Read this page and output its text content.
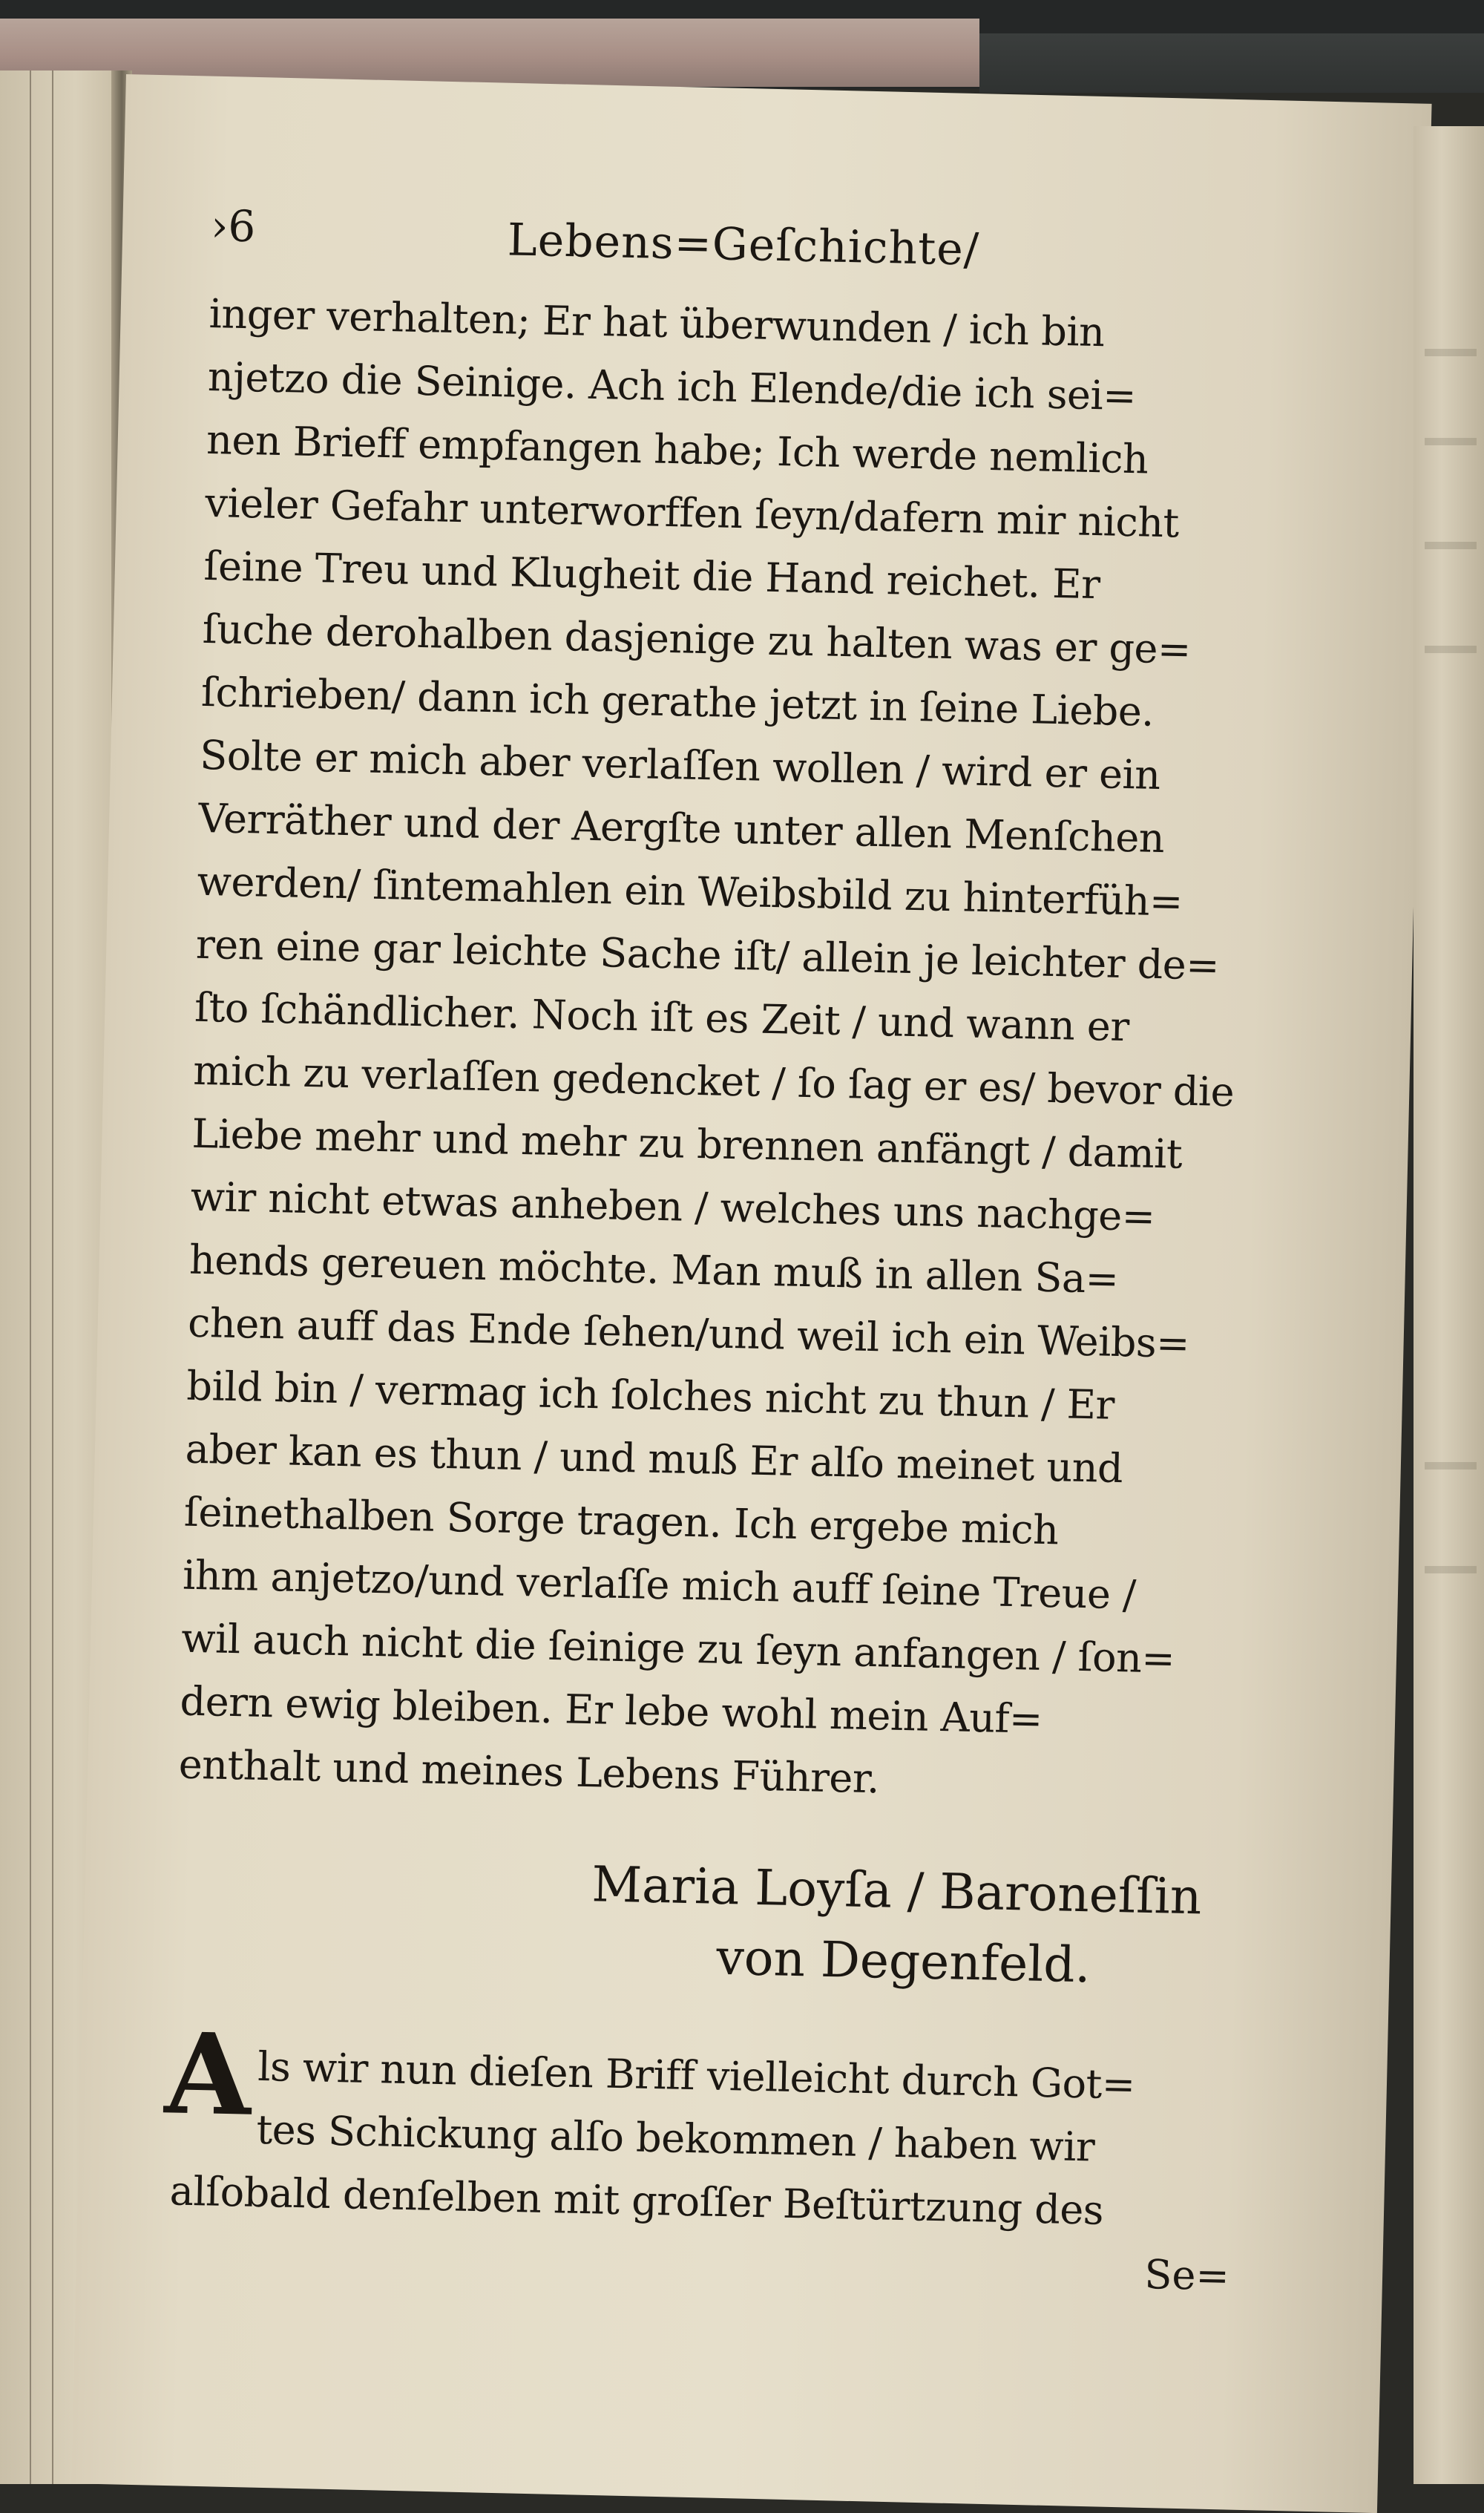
›6	Lebens=Geſchichte/
inger verhalten; Er hat überwunden / ich bin
njetzo die Seinige. Ach ich Elende/die ich sei=
nen Brieff empfangen habe; Ich werde nemlich
vieler Gefahr unterworffen ſeyn/dafern mir nicht
ſeine Treu und Klugheit die Hand reichet. Er
ſuche derohalben dasjenige zu halten was er ge=
ſchrieben/ dann ich gerathe jetzt in ſeine Liebe.
Solte er mich aber verlaſſen wollen / wird er ein
Verräther und der Aergſte unter allen Menſchen
werden/ ſintemahlen ein Weibsbild zu hinterfüh=
ren eine gar leichte Sache iſt/ allein je leichter de=
ſto ſchändlicher. Noch iſt es Zeit / und wann er
mich zu verlaſſen gedencket / ſo ſag er es/ bevor die
Liebe mehr und mehr zu brennen anfängt / damit
wir nicht etwas anheben / welches uns nachge=
hends gereuen möchte. Man muß in allen Sa=
chen auff das Ende ſehen/und weil ich ein Weibs=
bild bin / vermag ich ſolches nicht zu thun / Er
aber kan es thun / und muß Er alſo meinet und
ſeinethalben Sorge tragen. Ich ergebe mich
ihm anjetzo/und verlaſſe mich auff ſeine Treue /
wil auch nicht die ſeinige zu ſeyn anfangen / ſon=
dern ewig bleiben. Er lebe wohl mein Auf=
enthalt und meines Lebens Führer.
Maria Loyſa / Baroneſſin
von Degenfeld.
A ls wir nun dieſen Briff vielleicht durch Got=
tes Schickung alſo bekommen / haben wir
alſobald denſelben mit groſſer Beſtürtzung des
Se=
